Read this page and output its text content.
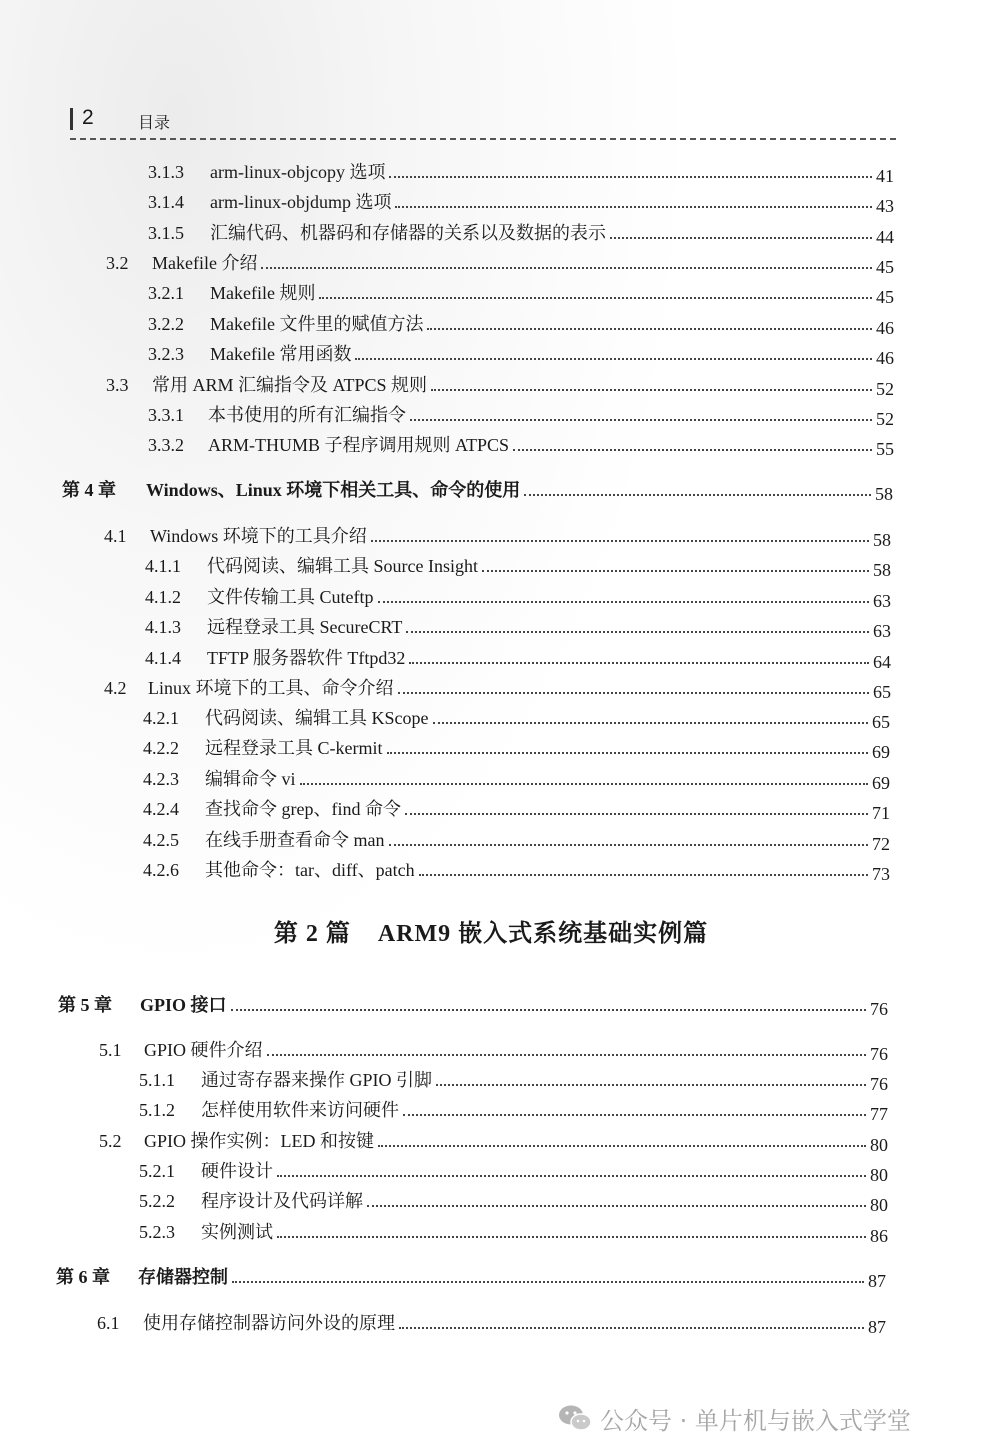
2	目录
3.1.3	arm-linux-objcopy 选项	41
3.1.4	arm-linux-objdump 选项	43
3.1.5	汇编代码、机器码和存储器的关系以及数据的表示	44
3.2	Makefile 介绍	45
3.2.1	Makefile 规则	45
3.2.2	Makefile 文件里的赋值方法	46
3.2.3	Makefile 常用函数	46
3.3	常用 ARM 汇编指令及 ATPCS 规则	52
3.3.1	本书使用的所有汇编指令	52
3.3.2	ARM-THUMB 子程序调用规则 ATPCS	55
第 4 章	Windows、Linux 环境下相关工具、命令的使用	58
4.1	Windows 环境下的工具介绍	58
4.1.1	代码阅读、编辑工具 Source Insight	58
4.1.2	文件传输工具 Cuteftp	63
4.1.3	远程登录工具 SecureCRT	63
4.1.4	TFTP 服务器软件 Tftpd32	64
4.2	Linux 环境下的工具、命令介绍	65
4.2.1	代码阅读、编辑工具 KScope	65
4.2.2	远程登录工具 C-kermit	69
4.2.3	编辑命令 vi	69
4.2.4	查找命令 grep、find 命令	71
4.2.5	在线手册查看命令 man	72
4.2.6	其他命令：tar、diff、patch	73
第 2 篇 ARM9 嵌入式系统基础实例篇
第 5 章	GPIO 接口	76
5.1	GPIO 硬件介绍	76
5.1.1	通过寄存器来操作 GPIO 引脚	76
5.1.2	怎样使用软件来访问硬件	77
5.2	GPIO 操作实例：LED 和按键	80
5.2.1	硬件设计	80
5.2.2	程序设计及代码详解	80
5.2.3	实例测试	86
第 6 章	存储器控制	87
6.1	使用存储控制器访问外设的原理	87
公众号 · 单片机与嵌入式学堂
